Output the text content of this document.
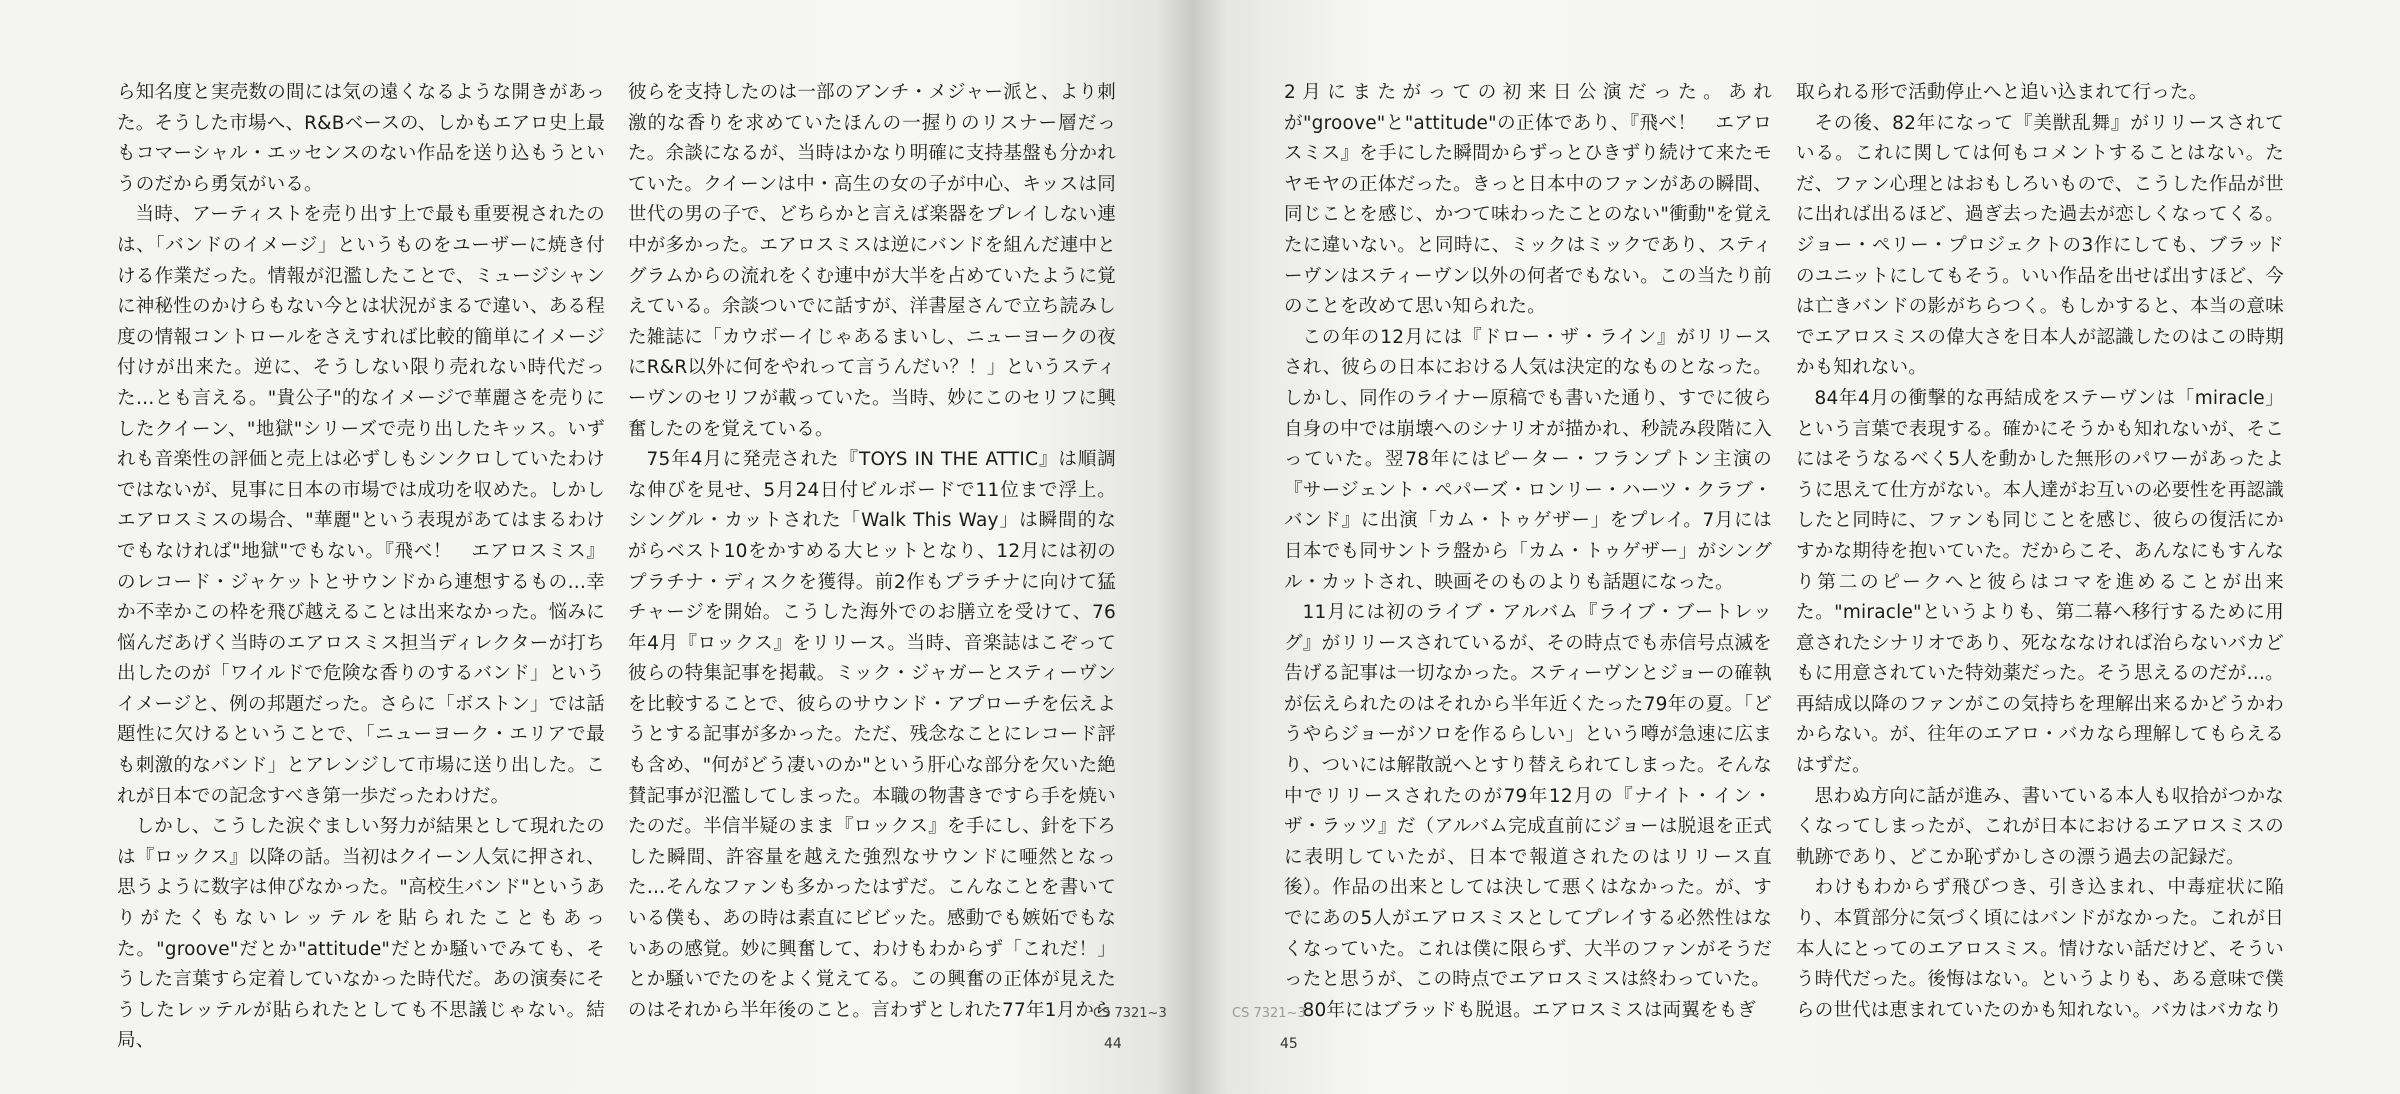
ら知名度と実売数の間には気の遠くなるような開きがあった。そうした市場へ、R&Bベースの、しかもエアロ史上最もコマーシャル・エッセンスのない作品を送り込もうというのだから勇気がいる。

当時、アーティストを売り出す上で最も重要視されたのは、「バンドのイメージ」というものをユーザーに焼き付ける作業だった。情報が氾濫したことで、ミュージシャンに神秘性のかけらもない今とは状況がまるで違い、ある程度の情報コントロールをさえすれば比較的簡単にイメージ付けが出来た。逆に、そうしない限り売れない時代だった…とも言える。"貴公子"的なイメージで華麗さを売りにしたクイーン、"地獄"シリーズで売り出したキッス。いずれも音楽性の評価と売上は必ずしもシンクロしていたわけではないが、見事に日本の市場では成功を収めた。しかしエアロスミスの場合、"華麗"という表現があてはまるわけでもなければ"地獄"でもない。『飛べ！　エアロスミス』のレコード・ジャケットとサウンドから連想するもの…幸か不幸かこの枠を飛び越えることは出来なかった。悩みに悩んだあげく当時のエアロスミス担当ディレクターが打ち出したのが「ワイルドで危険な香りのするバンド」というイメージと、例の邦題だった。さらに「ボストン」では話題性に欠けるということで、「ニューヨーク・エリアで最も刺激的なバンド」とアレンジして市場に送り出した。これが日本での記念すべき第一歩だったわけだ。

しかし、こうした涙ぐましい努力が結果として現れたのは『ロックス』以降の話。当初はクイーン人気に押され、思うように数字は伸びなかった。"高校生バンド"というありがたくもないレッテルを貼られたこともあった。"groove"だとか"attitude"だとか騒いでみても、そうした言葉すら定着していなかった時代だ。あの演奏にそうしたレッテルが貼られたとしても不思議じゃない。結局、

彼らを支持したのは一部のアンチ・メジャー派と、より刺激的な香りを求めていたほんの一握りのリスナー層だった。余談になるが、当時はかなり明確に支持基盤も分かれていた。クイーンは中・高生の女の子が中心、キッスは同世代の男の子で、どちらかと言えば楽器をプレイしない連中が多かった。エアロスミスは逆にバンドを組んだ連中とグラムからの流れをくむ連中が大半を占めていたように覚えている。余談ついでに話すが、洋書屋さんで立ち読みした雑誌に「カウボーイじゃあるまいし、ニューヨークの夜にR&R以外に何をやれって言うんだい？！」というスティーヴンのセリフが載っていた。当時、妙にこのセリフに興奮したのを覚えている。

75年4月に発売された『TOYS IN THE ATTIC』は順調な伸びを見せ、5月24日付ビルボードで11位まで浮上。シングル・カットされた「Walk This Way」は瞬間的ながらベスト10をかすめる大ヒットとなり、12月には初のプラチナ・ディスクを獲得。前2作もプラチナに向けて猛チャージを開始。こうした海外でのお膳立を受けて、76年4月『ロックス』をリリース。当時、音楽誌はこぞって彼らの特集記事を掲載。ミック・ジャガーとスティーヴンを比較することで、彼らのサウンド・アプローチを伝えようとする記事が多かった。ただ、残念なことにレコード評も含め、"何がどう凄いのか"という肝心な部分を欠いた絶賛記事が氾濫してしまった。本職の物書きですら手を焼いたのだ。半信半疑のまま『ロックス』を手にし、針を下ろした瞬間、許容量を越えた強烈なサウンドに唖然となった…そんなファンも多かったはずだ。こんなことを書いている僕も、あの時は素直にビビッた。感動でも嫉妬でもないあの感覚。妙に興奮して、わけもわからず「これだ！」とか騒いでたのをよく覚えてる。この興奮の正体が見えたのはそれから半年後のこと。言わずとしれた77年1月から

CS 7321~3
44

2月にまたがっての初来日公演だった。あれが"groove"と"attitude"の正体であり、『飛べ！　エアロスミス』を手にした瞬間からずっとひきずり続けて来たモヤモヤの正体だった。きっと日本中のファンがあの瞬間、同じことを感じ、かつて味わったことのない"衝動"を覚えたに違いない。と同時に、ミックはミックであり、スティーヴンはスティーヴン以外の何者でもない。この当たり前のことを改めて思い知られた。

この年の12月には『ドロー・ザ・ライン』がリリースされ、彼らの日本における人気は決定的なものとなった。しかし、同作のライナー原稿でも書いた通り、すでに彼ら自身の中では崩壊へのシナリオが描かれ、秒読み段階に入っていた。翌78年にはピーター・フランプトン主演の『サージェント・ペパーズ・ロンリー・ハーツ・クラブ・バンド』に出演「カム・トゥゲザー」をプレイ。7月には日本でも同サントラ盤から「カム・トゥゲザー」がシングル・カットされ、映画そのものよりも話題になった。

11月には初のライブ・アルバム『ライブ・ブートレッグ』がリリースされているが、その時点でも赤信号点滅を告げる記事は一切なかった。スティーヴンとジョーの確執が伝えられたのはそれから半年近くたった79年の夏。「どうやらジョーがソロを作るらしい」という噂が急速に広まり、ついには解散説へとすり替えられてしまった。そんな中でリリースされたのが79年12月の『ナイト・イン・ザ・ラッツ』だ（アルバム完成直前にジョーは脱退を正式に表明していたが、日本で報道されたのはリリース直後）。作品の出来としては決して悪くはなかった。が、すでにあの5人がエアロスミスとしてプレイする必然性はなくなっていた。これは僕に限らず、大半のファンがそうだったと思うが、この時点でエアロスミスは終わっていた。

80年にはブラッドも脱退。エアロスミスは両翼をもぎ

取られる形で活動停止へと追い込まれて行った。

その後、82年になって『美獣乱舞』がリリースされている。これに関しては何もコメントすることはない。ただ、ファン心理とはおもしろいもので、こうした作品が世に出れば出るほど、過ぎ去った過去が恋しくなってくる。ジョー・ペリー・プロジェクトの3作にしても、ブラッドのユニットにしてもそう。いい作品を出せば出すほど、今は亡きバンドの影がちらつく。もしかすると、本当の意味でエアロスミスの偉大さを日本人が認識したのはこの時期かも知れない。

84年4月の衝撃的な再結成をステーヴンは「miracle」という言葉で表現する。確かにそうかも知れないが、そこにはそうなるべく5人を動かした無形のパワーがあったように思えて仕方がない。本人達がお互いの必要性を再認識したと同時に、ファンも同じことを感じ、彼らの復活にかすかな期待を抱いていた。だからこそ、あんなにもすんなり第二のピークへと彼らはコマを進めることが出来た。"miracle"というよりも、第二幕へ移行するために用意されたシナリオであり、死なななければ治らないバカどもに用意されていた特効薬だった。そう思えるのだが…。再結成以降のファンがこの気持ちを理解出来るかどうかわからない。が、往年のエアロ・バカなら理解してもらえるはずだ。

思わぬ方向に話が進み、書いている本人も収拾がつかなくなってしまったが、これが日本におけるエアロスミスの軌跡であり、どこか恥ずかしさの漂う過去の記録だ。

わけもわからず飛びつき、引き込まれ、中毒症状に陥り、本質部分に気づく頃にはバンドがなかった。これが日本人にとってのエアロスミス。情けない話だけど、そういう時代だった。後悔はない。というよりも、ある意味で僕らの世代は恵まれていたのかも知れない。バカはバカなり

CS 7321~3
45
